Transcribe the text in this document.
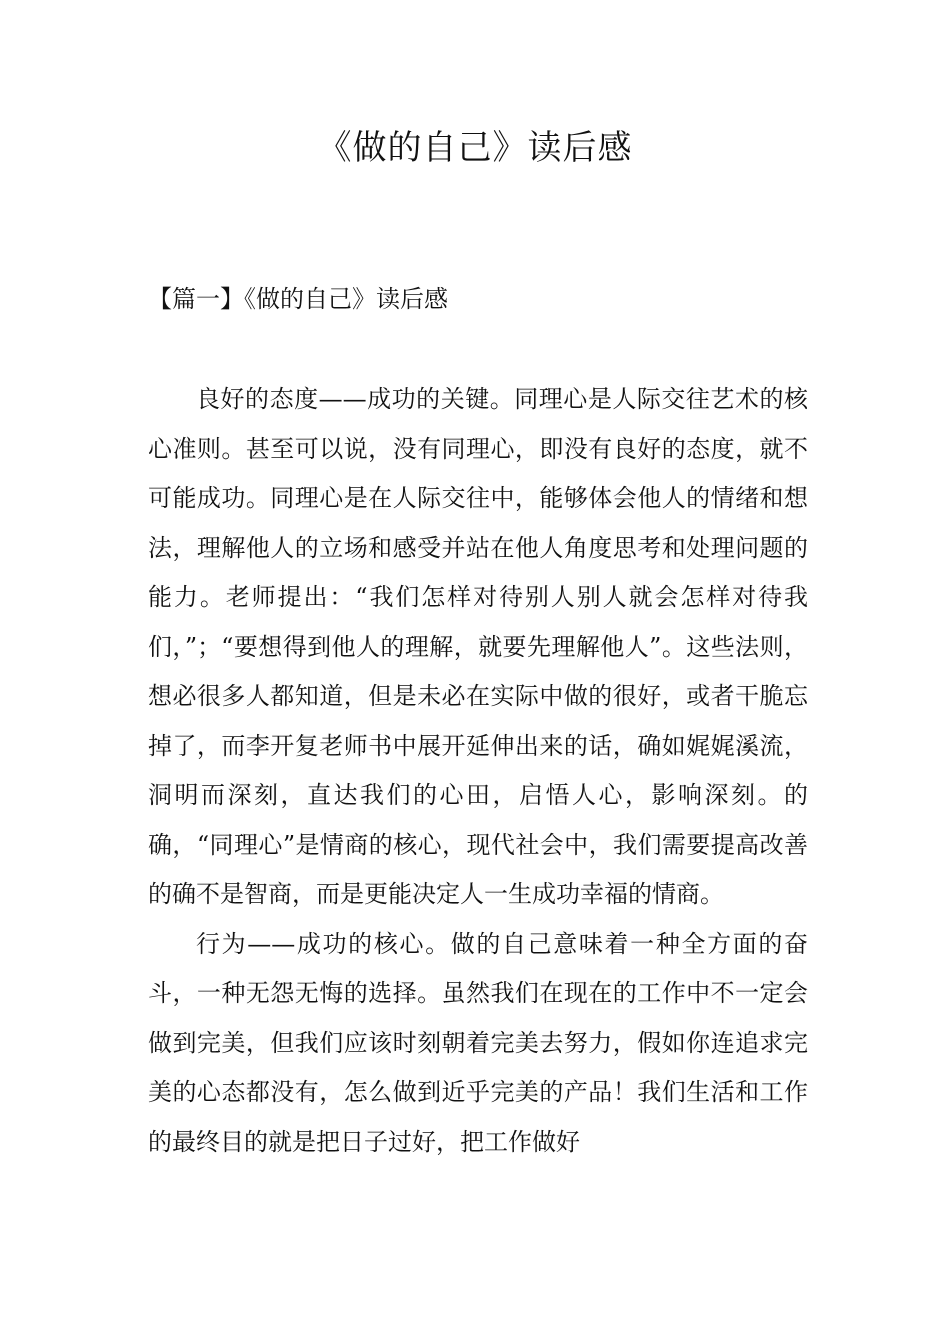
《做的自己》读后感
【篇一】《做的自己》读后感

良好的态度——成功的关键。同理心是人际交往艺术的核心准则。甚至可以说，没有同理心，即没有良好的态度，就不可能成功。同理心是在人际交往中，能够体会他人的情绪和想法，理解他人的立场和感受并站在他人角度思考和处理问题的能力。老师提出：“我们怎样对待别人别人就会怎样对待我们，”；“要想得到他人的理解，就要先理解他人”。这些法则，想必很多人都知道，但是未必在实际中做的很好，或者干脆忘掉了，而李开复老师书中展开延伸出来的话，确如娓娓溪流，洞明而深刻，直达我们的心田，启悟人心，影响深刻。的确，“同理心”是情商的核心，现代社会中，我们需要提高改善的确不是智商，而是更能决定人一生成功幸福的情商。

行为——成功的核心。做的自己意味着一种全方面的奋斗，一种无怨无悔的选择。虽然我们在现在的工作中不一定会做到完美，但我们应该时刻朝着完美去努力，假如你连追求完美的心态都没有，怎么做到近乎完美的产品！我们生活和工作的最终目的就是把日子过好，把工作做好
